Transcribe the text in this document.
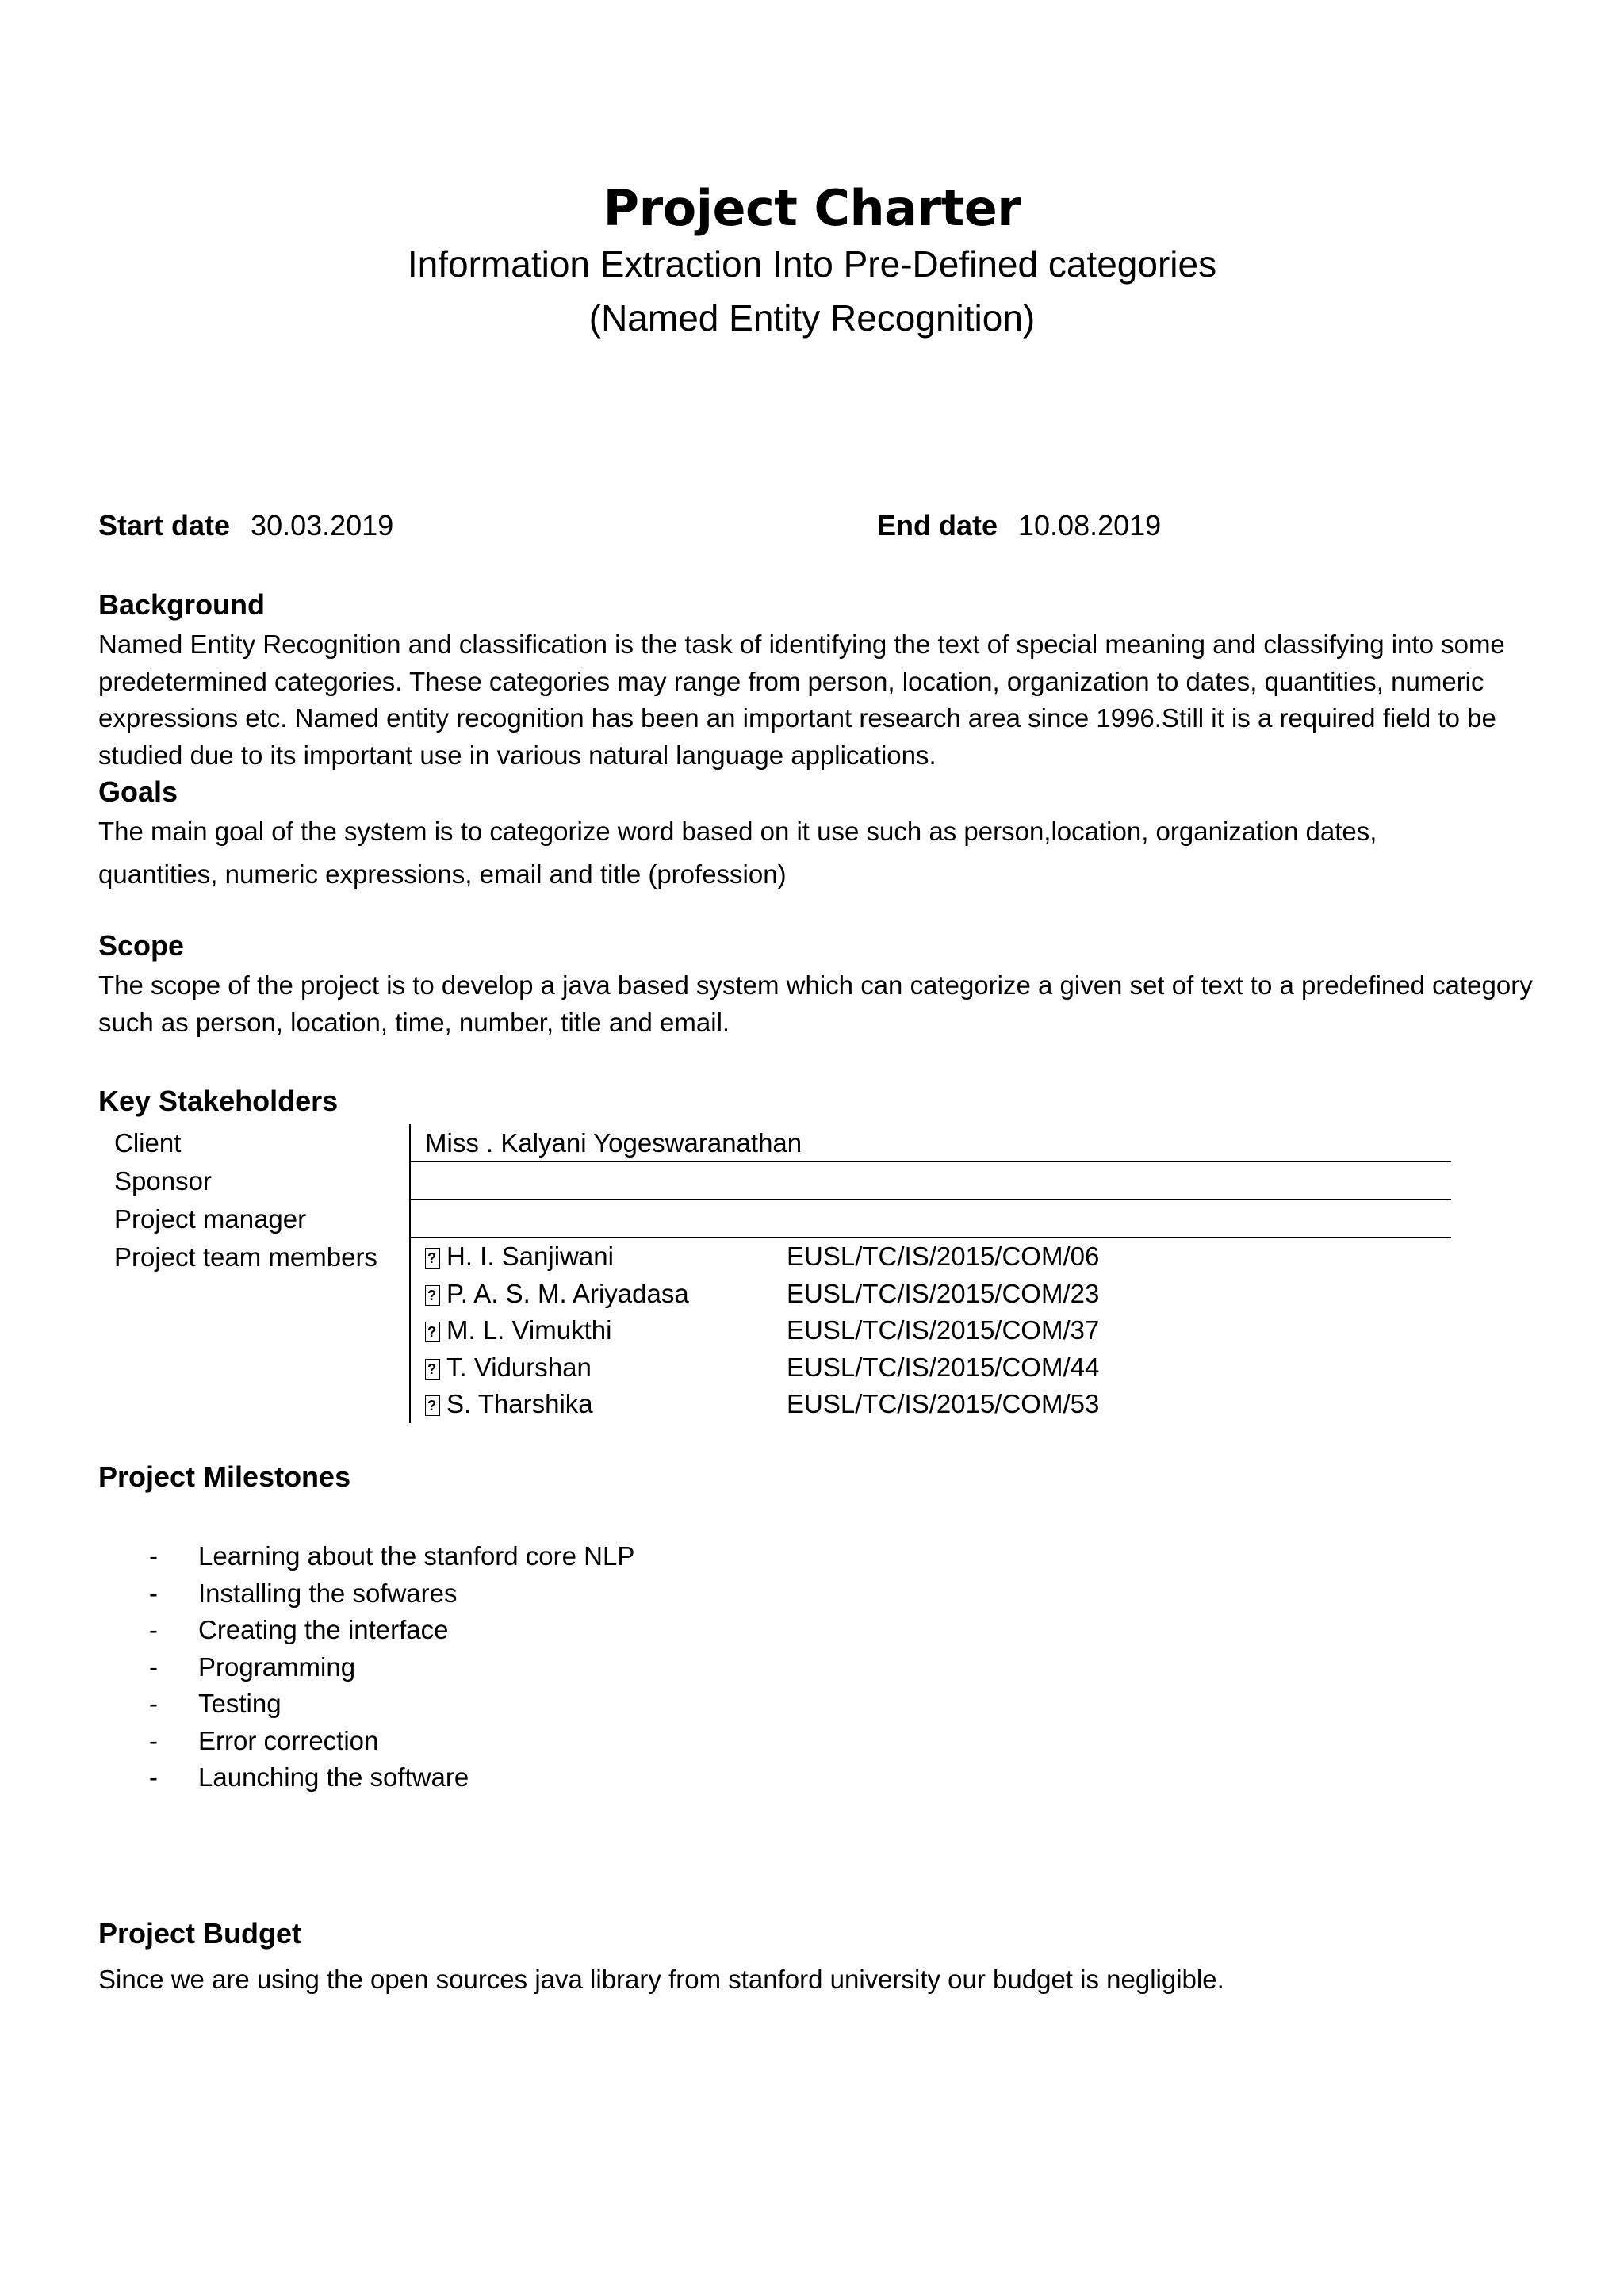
Project Charter

Information Extraction Into Pre-Defined categories

(Named Entity Recognition)

Start date 30.03.2019	End date 10.08.2019
Background

Named Entity Recognition and classification is the task of identifying the text of special meaning and classifying into some predetermined categories. These categories may range from person, location, organization to dates, quantities, numeric expressions etc. Named entity recognition has been an important research area since 1996.Still it is a required field to be studied due to its important use in various natural language applications.

Goals

The main goal of the system is to categorize word based on it use such as person,location, organization dates,

quantities, numeric expressions, email and title (profession)

Scope

The scope of the project is to develop a java based system which can categorize a given set of text to a predefined category such as person, location, time, number, title and email.

Key Stakeholders
Client	Miss . Kalyani Yogeswaranathan
Sponsor
Project manager
Project team members
?	H. I. Sanjiwani	EUSL/TC/IS/2015/COM/06
?P. A. S. M. Ariyadasa	EUSL/TC/IS/2015/COM/23
?M. L. Vimukthi	EUSL/TC/IS/2015/COM/37
?T. Vidurshan	EUSL/TC/IS/2015/COM/44
?S. Tharshika	EUSL/TC/IS/2015/COM/53
Project Milestones
-	Learning about the stanford core NLP
-	Installing the sofwares
-	Creating the interface
-	Programming
-	Testing
-	Error correction
-	Launching the software
Project Budget

Since we are using the open sources java library from stanford university our budget is negligible.
